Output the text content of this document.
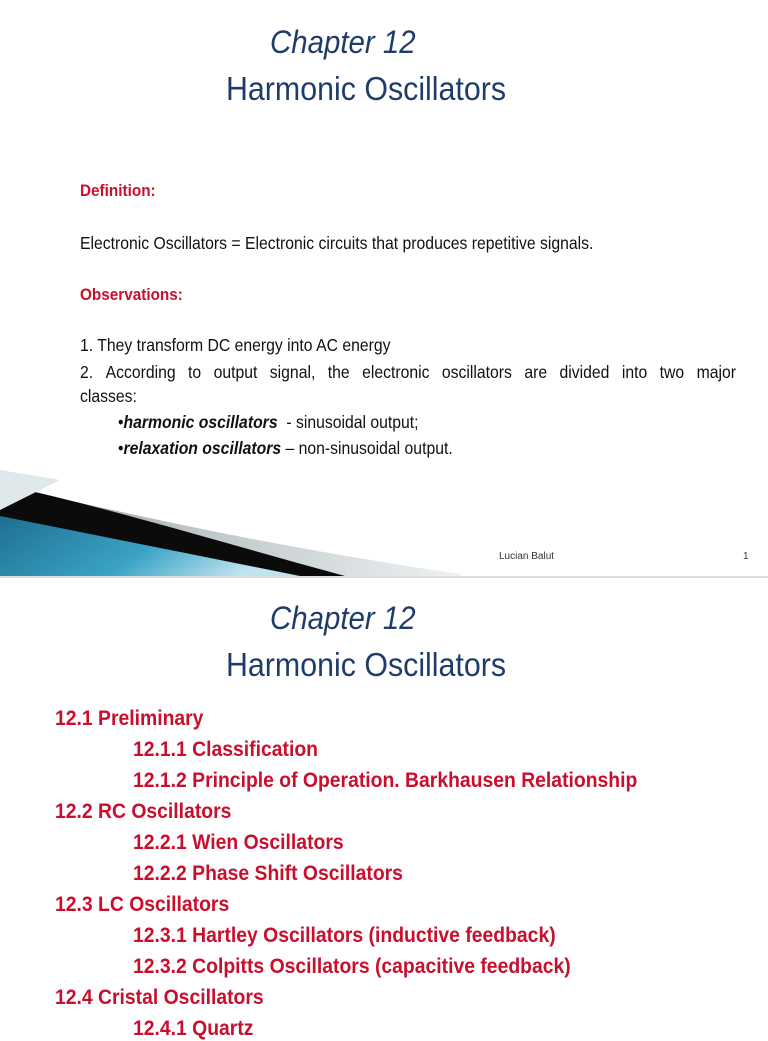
Chapter 12
Harmonic Oscillators
Definition:
Electronic Oscillators = Electronic circuits that produces repetitive signals.
Observations:
1. They transform DC energy into AC energy
2. According to output signal, the electronic oscillators are divided into two major
classes:
•harmonic oscillators  - sinusoidal output;
•relaxation oscillators – non-sinusoidal output.
Lucian Balut	1
Chapter 12
Harmonic Oscillators
12.1 Preliminary
12.1.1 Classification
12.1.2 Principle of Operation. Barkhausen Relationship
12.2 RC Oscillators
12.2.1 Wien Oscillators
12.2.2 Phase Shift Oscillators
12.3 LC Oscillators
12.3.1 Hartley Oscillators (inductive feedback)
12.3.2 Colpitts Oscillators (capacitive feedback)
12.4 Cristal Oscillators
12.4.1 Quartz
